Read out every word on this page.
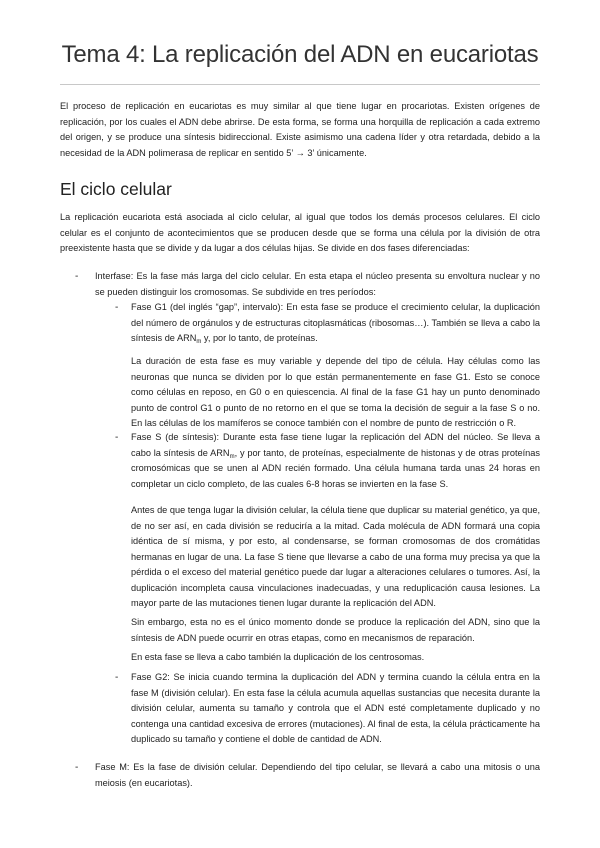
Tema 4: La replicación del ADN en eucariotas

El proceso de replicación en eucariotas es muy similar al que tiene lugar en procariotas. Existen orígenes de replicación, por los cuales el ADN debe abrirse. De esta forma, se forma una horquilla de replicación a cada extremo del origen, y se produce una síntesis bidireccional. Existe asimismo una cadena líder y otra retardada, debido a la necesidad de la ADN polimerasa de replicar en sentido 5’ → 3’ únicamente.

El ciclo celular

La replicación eucariota está asociada al ciclo celular, al igual que todos los demás procesos celulares. El ciclo celular es el conjunto de acontecimientos que se producen desde que se forma una célula por la división de otra preexistente hasta que se divide y da lugar a dos células hijas. Se divide en dos fases diferenciadas:

- Interfase: Es la fase más larga del ciclo celular. En esta etapa el núcleo presenta su envoltura nuclear y no se pueden distinguir los cromosomas. Se subdivide en tres períodos:

- Fase G1 (del inglés “gap”, intervalo): En esta fase se produce el crecimiento celular, la duplicación del número de orgánulos y de estructuras citoplasmáticas (ribosomas…). También se lleva a cabo la síntesis de $ARN_m$ y, por lo tanto, de proteínas.

La duración de esta fase es muy variable y depende del tipo de célula. Hay células como las neuronas que nunca se dividen por lo que están permanentemente en fase G1. Esto se conoce como células en reposo, en G0 o en quiescencia. Al final de la fase G1 hay un punto denominado punto de control G1 o punto de no retorno en el que se toma la decisión de seguir a la fase S o no. En las células de los mamíferos se conoce también con el nombre de punto de restricción o R.

- Fase S (de síntesis): Durante esta fase tiene lugar la replicación del ADN del núcleo. Se lleva a cabo la síntesis de $ARN_m$, y por tanto, de proteínas, especialmente de histonas y de otras proteínas cromosómicas que se unen al ADN recién formado. Una célula humana tarda unas 24 horas en completar un ciclo completo, de las cuales 6-8 horas se invierten en la fase S.

Antes de que tenga lugar la división celular, la célula tiene que duplicar su material genético, ya que, de no ser así, en cada división se reduciría a la mitad. Cada molécula de ADN formará una copia idéntica de sí misma, y por esto, al condensarse, se forman cromosomas de dos cromátidas hermanas en lugar de una. La fase S tiene que llevarse a cabo de una forma muy precisa ya que la pérdida o el exceso del material genético puede dar lugar a alteraciones celulares o tumores. Así, la duplicación incompleta causa vinculaciones inadecuadas, y una reduplicación causa lesiones. La mayor parte de las mutaciones tienen lugar durante la replicación del ADN.

Sin embargo, esta no es el único momento donde se produce la replicación del ADN, sino que la síntesis de ADN puede ocurrir en otras etapas, como en mecanismos de reparación.

En esta fase se lleva a cabo también la duplicación de los centrosomas.

- Fase G2: Se inicia cuando termina la duplicación del ADN y termina cuando la célula entra en la fase M (división celular). En esta fase la célula acumula aquellas sustancias que necesita durante la división celular, aumenta su tamaño y controla que el ADN esté completamente duplicado y no contenga una cantidad excesiva de errores (mutaciones). Al final de esta, la célula prácticamente ha duplicado su tamaño y contiene el doble de cantidad de ADN.

- Fase M: Es la fase de división celular. Dependiendo del tipo celular, se llevará a cabo una mitosis o una meiosis (en eucariotas).
